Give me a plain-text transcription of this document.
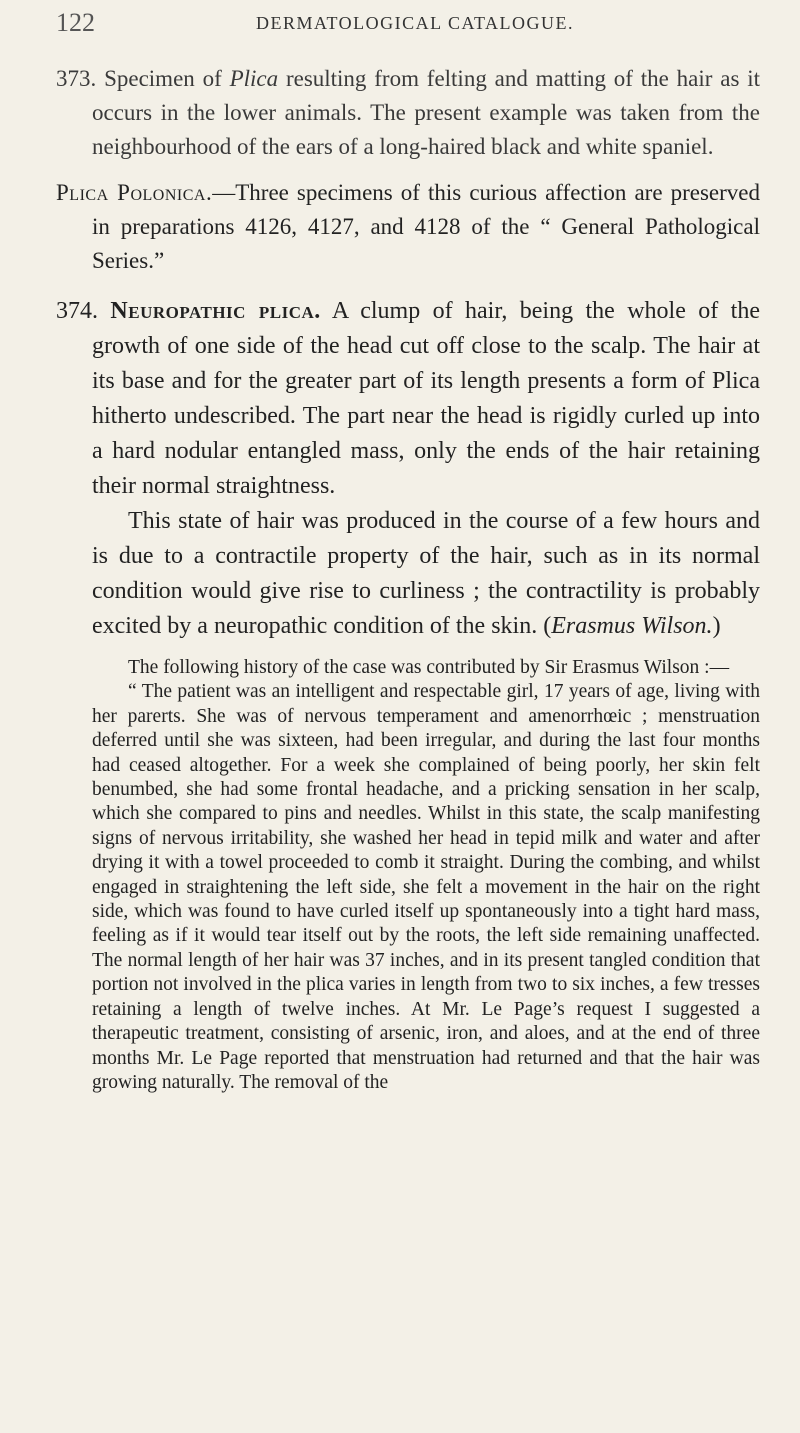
122	DERMATOLOGICAL CATALOGUE.

373. Specimen of Plica resulting from felting and matting of the hair as it occurs in the lower animals. The present example was taken from the neighbourhood of the ears of a long-haired black and white spaniel.

Plica Polonica.—Three specimens of this curious affection are preserved in preparations 4126, 4127, and 4128 of the “ General Pathological Series.”

374. Neuropathic plica. A clump of hair, being the whole of the growth of one side of the head cut off close to the scalp. The hair at its base and for the greater part of its length presents a form of Plica hitherto undescribed. The part near the head is rigidly curled up into a hard nodular entangled mass, only the ends of the hair retaining their normal straightness.

This state of hair was produced in the course of a few hours and is due to a contractile property of the hair, such as in its normal condition would give rise to curliness ; the contractility is probably excited by a neuropathic condition of the skin. (Erasmus Wilson.)

The following history of the case was contributed by Sir Erasmus Wilson :—

“ The patient was an intelligent and respectable girl, 17 years of age, living with her parerts. She was of nervous temperament and amenorrhœic ; menstruation deferred until she was sixteen, had been irregular, and during the last four months had ceased altogether. For a week she complained of being poorly, her skin felt benumbed, she had some frontal headache, and a pricking sensation in her scalp, which she compared to pins and needles. Whilst in this state, the scalp manifesting signs of nervous irritability, she washed her head in tepid milk and water and after drying it with a towel proceeded to comb it straight. During the combing, and whilst engaged in straightening the left side, she felt a movement in the hair on the right side, which was found to have curled itself up spontaneously into a tight hard mass, feeling as if it would tear itself out by the roots, the left side remaining unaffected. The normal length of her hair was 37 inches, and in its present tangled condition that portion not involved in the plica varies in length from two to six inches, a few tresses retaining a length of twelve inches. At Mr. Le Page’s request I suggested a therapeutic treatment, consisting of arsenic, iron, and aloes, and at the end of three months Mr. Le Page reported that menstruation had returned and that the hair was growing naturally. The removal of the
